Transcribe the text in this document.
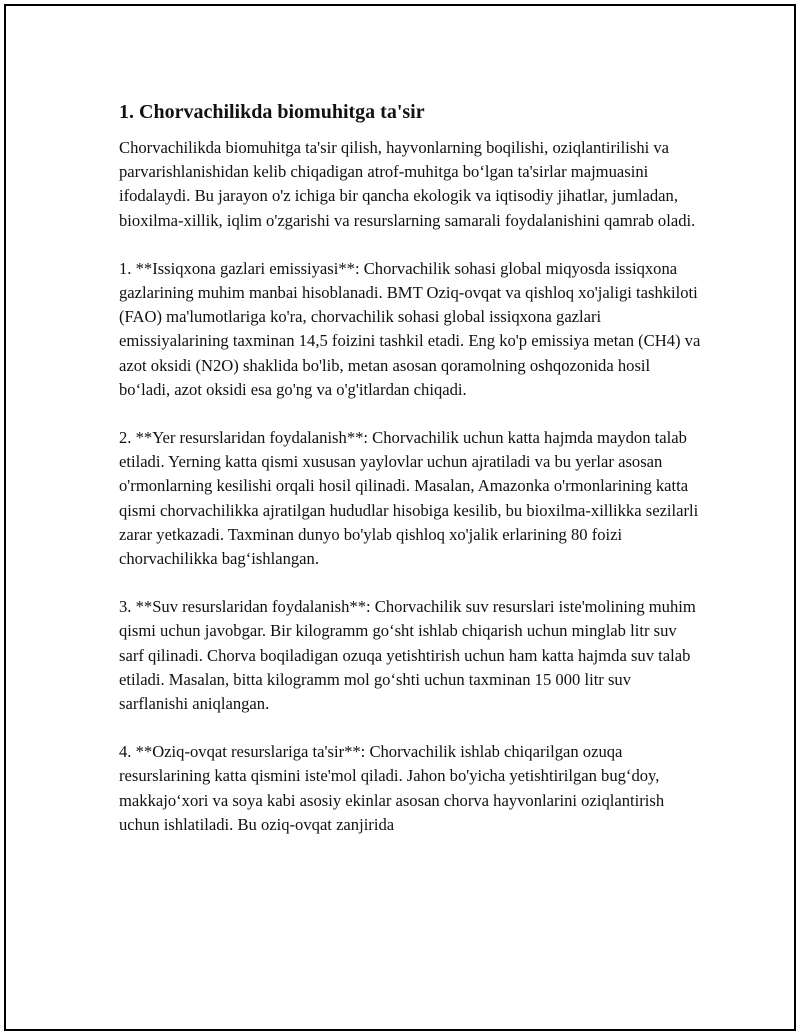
1. Chorvachilikda biomuhitga ta'sir

Chorvachilikda biomuhitga ta'sir qilish, hayvonlarning boqilishi, oziqlantirilishi va parvarishlanishidan kelib chiqadigan atrof-muhitga bo‘lgan ta'sirlar majmuasini ifodalaydi. Bu jarayon o'z ichiga bir qancha ekologik va iqtisodiy jihatlar, jumladan, bioxilma-xillik, iqlim o'zgarishi va resurslarning samarali foydalanishini qamrab oladi.

1. **Issiqxona gazlari emissiyasi**: Chorvachilik sohasi global miqyosda issiqxona gazlarining muhim manbai hisoblanadi. BMT Oziq-ovqat va qishloq xo'jaligi tashkiloti (FAO) ma'lumotlariga ko'ra, chorvachilik sohasi global issiqxona gazlari emissiyalarining taxminan 14,5 foizini tashkil etadi. Eng ko'p emissiya metan (CH4) va azot oksidi (N2O) shaklida bo'lib, metan asosan qoramolning oshqozonida hosil bo‘ladi, azot oksidi esa go'ng va o'g'itlardan chiqadi.

2. **Yer resurslaridan foydalanish**: Chorvachilik uchun katta hajmda maydon talab etiladi. Yerning katta qismi xususan yaylovlar uchun ajratiladi va bu yerlar asosan o'rmonlarning kesilishi orqali hosil qilinadi. Masalan, Amazonka o'rmonlarining katta qismi chorvachilikka ajratilgan hududlar hisobiga kesilib, bu bioxilma-xillikka sezilarli zarar yetkazadi. Taxminan dunyo bo'ylab qishloq xo'jalik erlarining 80 foizi chorvachilikka bag‘ishlangan.

3. **Suv resurslaridan foydalanish**: Chorvachilik suv resurslari iste'molining muhim qismi uchun javobgar. Bir kilogramm go‘sht ishlab chiqarish uchun minglab litr suv sarf qilinadi. Chorva boqiladigan ozuqa yetishtirish uchun ham katta hajmda suv talab etiladi. Masalan, bitta kilogramm mol go‘shti uchun taxminan 15 000 litr suv sarflanishi aniqlangan.

4. **Oziq-ovqat resurslariga ta'sir**: Chorvachilik ishlab chiqarilgan ozuqa resurslarining katta qismini iste'mol qiladi. Jahon bo'yicha yetishtirilgan bug‘doy, makkajo‘xori va soya kabi asosiy ekinlar asosan chorva hayvonlarini oziqlantirish uchun ishlatiladi. Bu oziq-ovqat zanjirida
